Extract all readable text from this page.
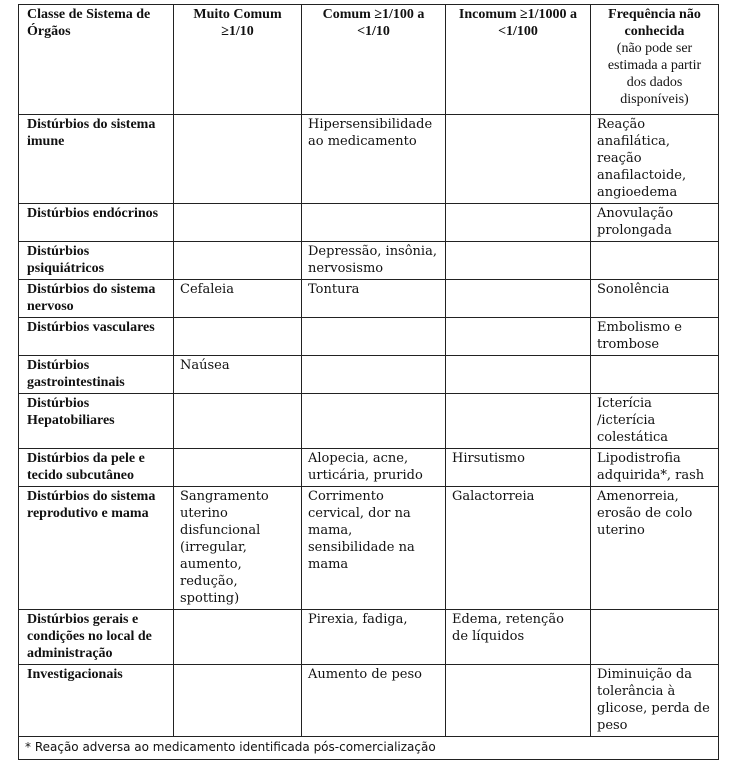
Classe de Sistema de Órgãos	Muito Comum ≥1/10	Comum ≥1/100 a <1/10	Incomum ≥1/1000 a <1/100	Frequência não conhecida
(não pode ser estimada a partir dos dados disponíveis)

Distúrbios do sistema imune		Hipersensibilidade ao medicamento		Reação anafilática, reação anafilactoide, angioedema
Distúrbios endócrinos				Anovulação prolongada
Distúrbios psiquiátricos		Depressão, insônia, nervosismo		
Distúrbios do sistema nervoso	Cefaleia	Tontura		Sonolência
Distúrbios vasculares				Embolismo e trombose
Distúrbios gastrointestinais	Naúsea			
Distúrbios Hepatobiliares				Icterícia /icterícia colestática
Distúrbios da pele e tecido subcutâneo		Alopecia, acne, urticária, prurido	Hirsutismo	Lipodistrofia adquirida*, rash
Distúrbios do sistema reprodutivo e mama	Sangramento uterino disfuncional (irregular, aumento, redução, spotting)	Corrimento cervical, dor na mama, sensibilidade na mama	Galactorreia	Amenorreia, erosão de colo uterino
Distúrbios gerais e condições no local de administração		Pirexia, fadiga,	Edema, retenção de líquidos	
Investigacionais		Aumento de peso		Diminuição da tolerância à glicose, perda de peso
* Reação adversa ao medicamento identificada pós-comercialização				
